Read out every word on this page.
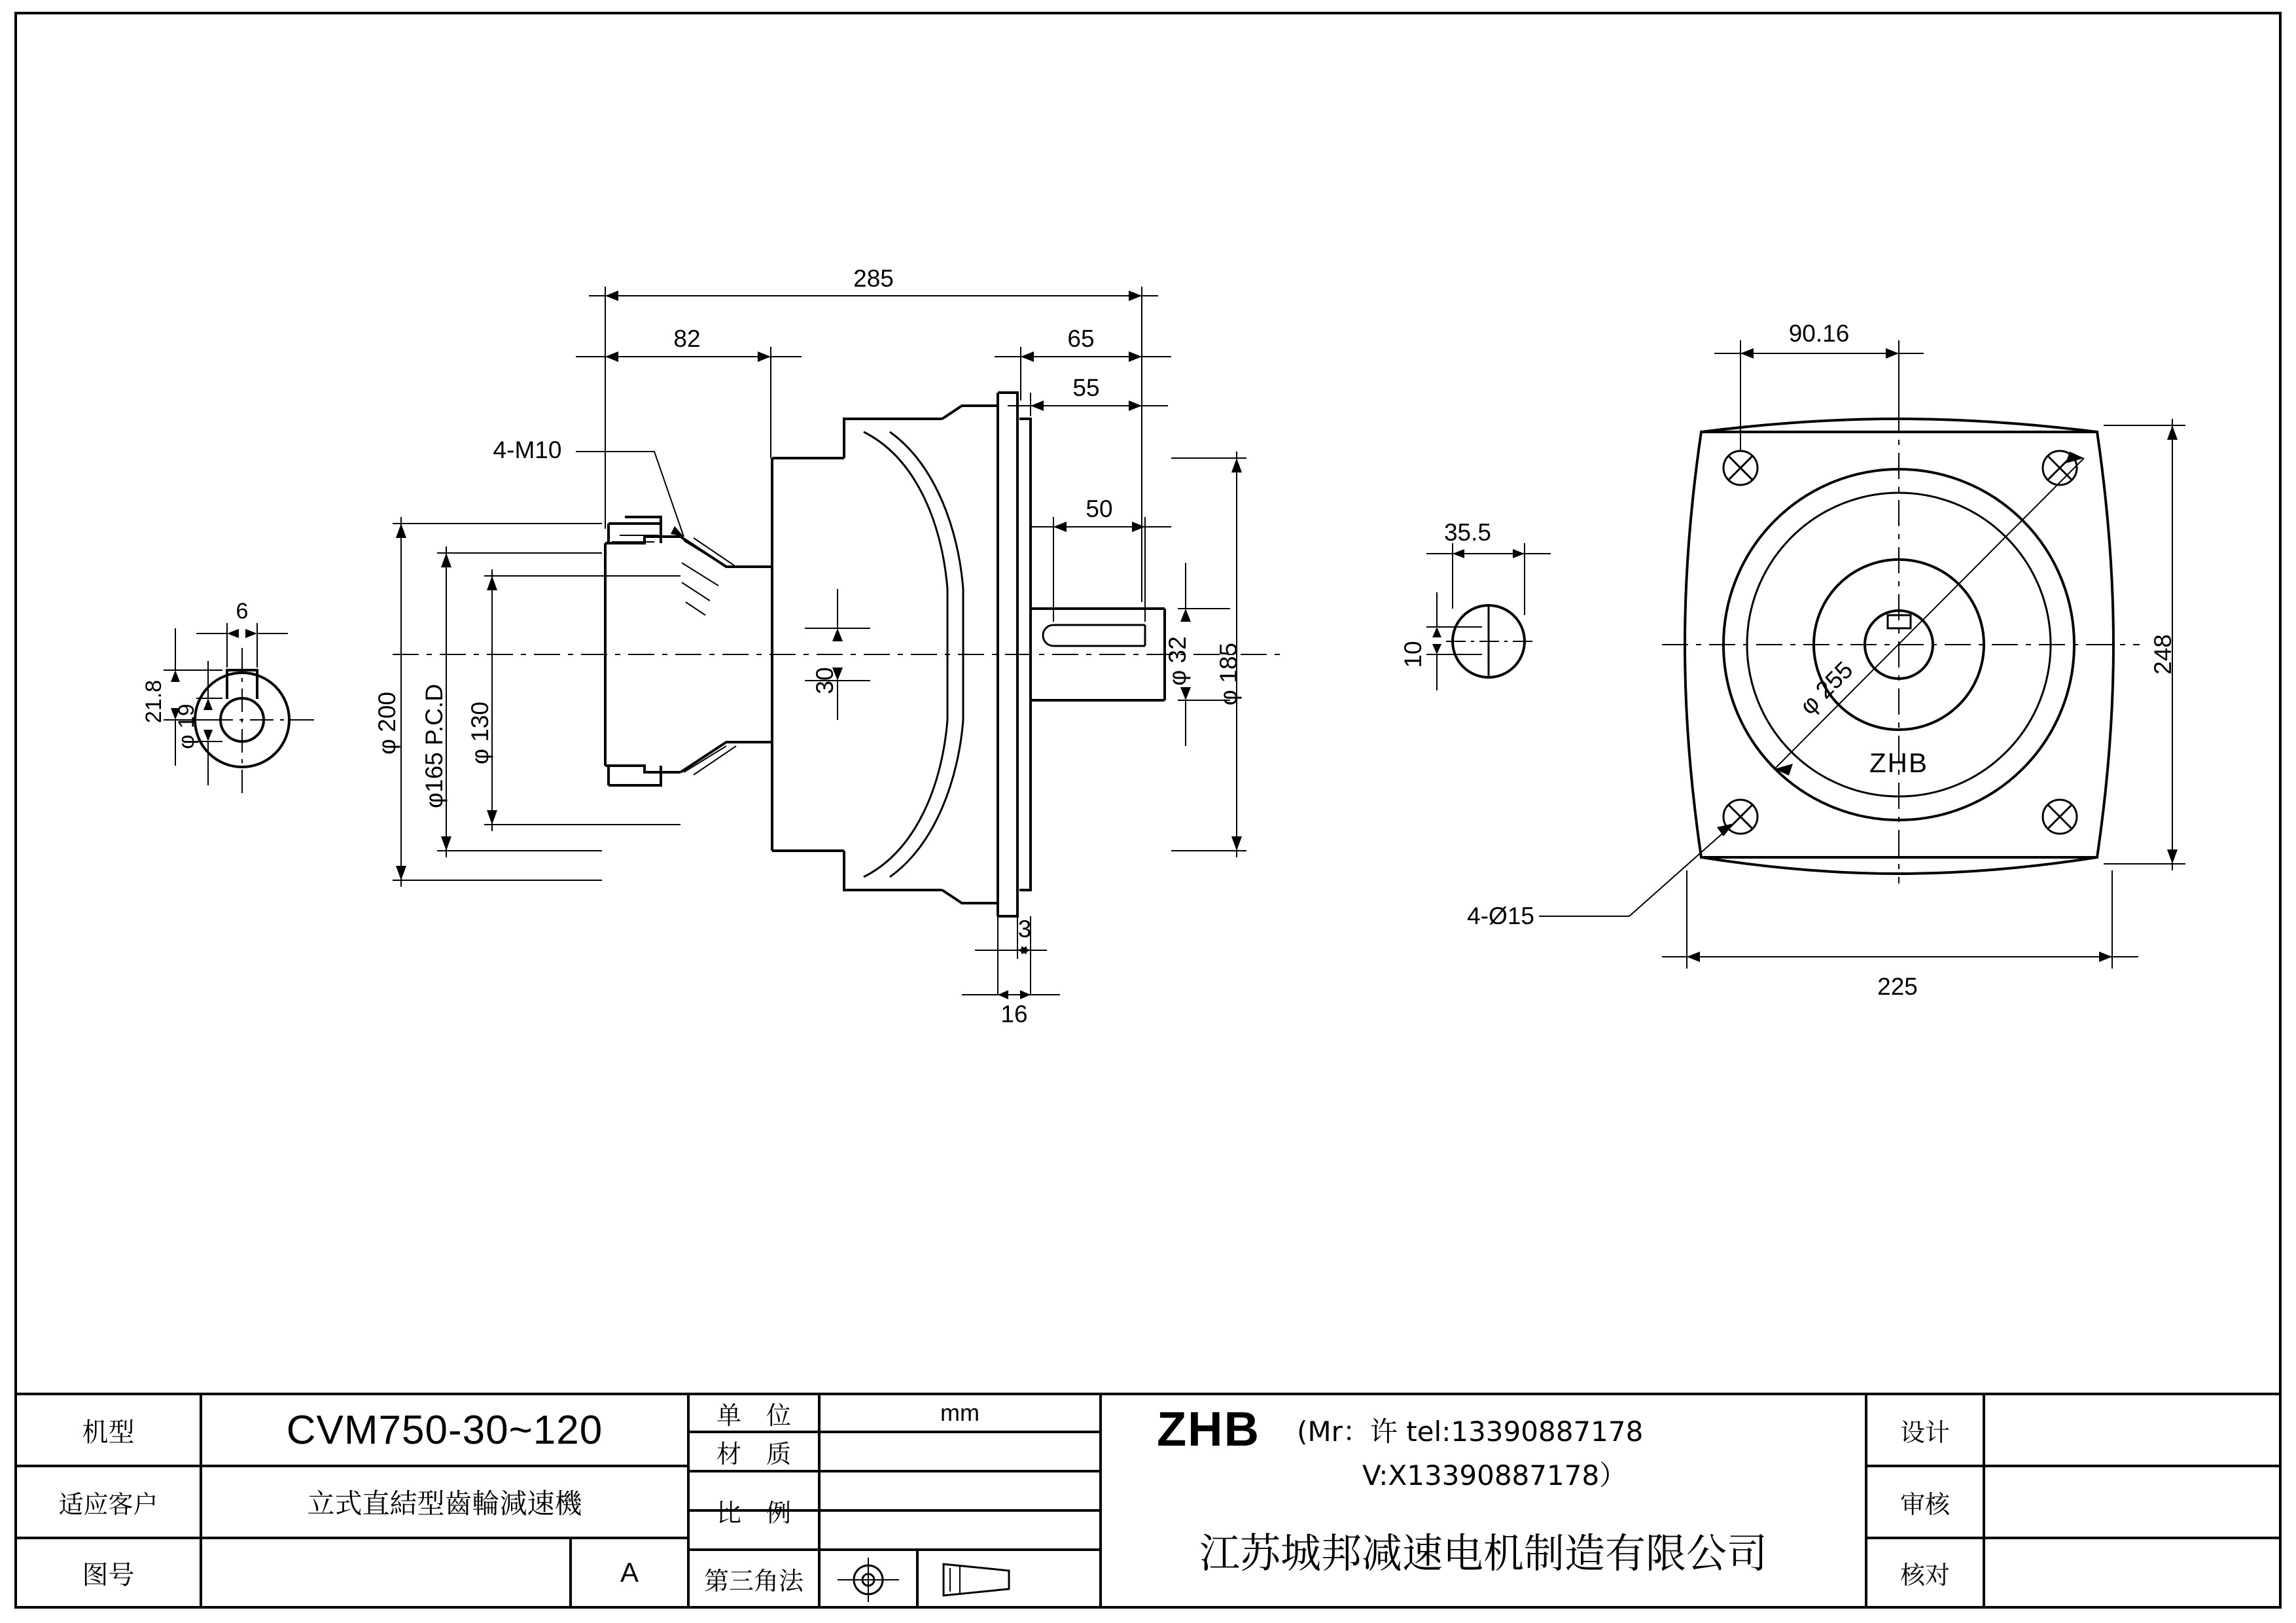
6
21.8
φ 19
285
82	65
55
50
30	φ 32 φ 185
φ 200 φ165 P.C.D φ 130
4-M10
3
16
35.5
10
90.16
248
225
φ 255
4-Ø15
ZHB
机型	CVM750-30~120
适应客户	立式直結型齒輪減速機
图号	A
单　位	mm
材　质
比　例
第三角法
ZHB	(Mr：许 tel:13390887178
V:X13390887178）
江苏城邦减速电机制造有限公司
设计
审核
核对
